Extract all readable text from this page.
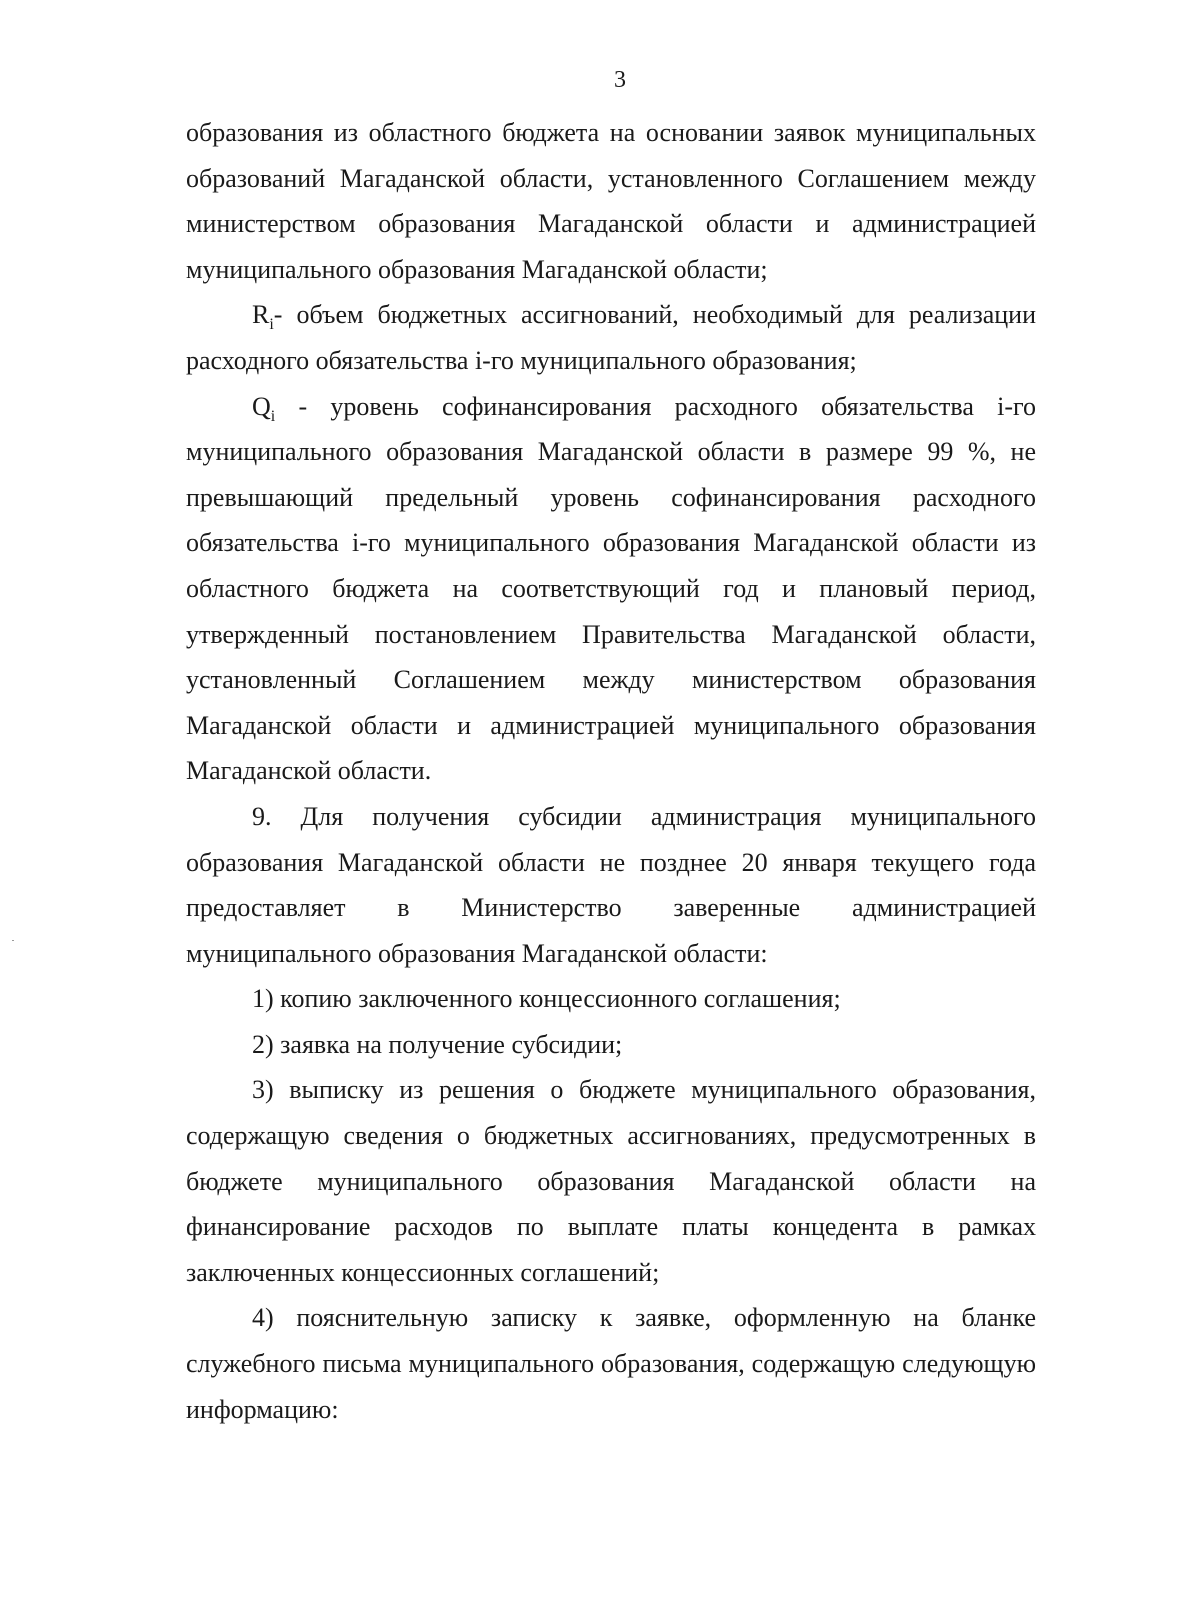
3

образования из областного бюджета на основании заявок муниципальных образований Магаданской области, установленного Соглашением между министерством образования Магаданской области и администрацией муниципального образования Магаданской области;

$R_i-$ объем бюджетных ассигнований, необходимый для реализации расходного обязательства i-го муниципального образования;

$Q_i$ - уровень софинансирования расходного обязательства i-го муниципального образования Магаданской области в размере 99 %, не превышающий предельный уровень софинансирования расходного обязательства i-го муниципального образования Магаданской области из областного бюджета на соответствующий год и плановый период, утвержденный постановлением Правительства Магаданской области, установленный Соглашением между министерством образования Магаданской области и администрацией муниципального образования Магаданской области.

9. Для получения субсидии администрация муниципального образования Магаданской области не позднее 20 января текущего года предоставляет в Министерство заверенные администрацией муниципального образования Магаданской области:

1) копию заключенного концессионного соглашения;

2) заявка на получение субсидии;

3) выписку из решения о бюджете муниципального образования, содержащую сведения о бюджетных ассигнованиях, предусмотренных в бюджете муниципального образования Магаданской области на финансирование расходов по выплате платы концедента в рамках заключенных концессионных соглашений;

4) пояснительную записку к заявке, оформленную на бланке служебного письма муниципального образования, содержащую следующую информацию:
